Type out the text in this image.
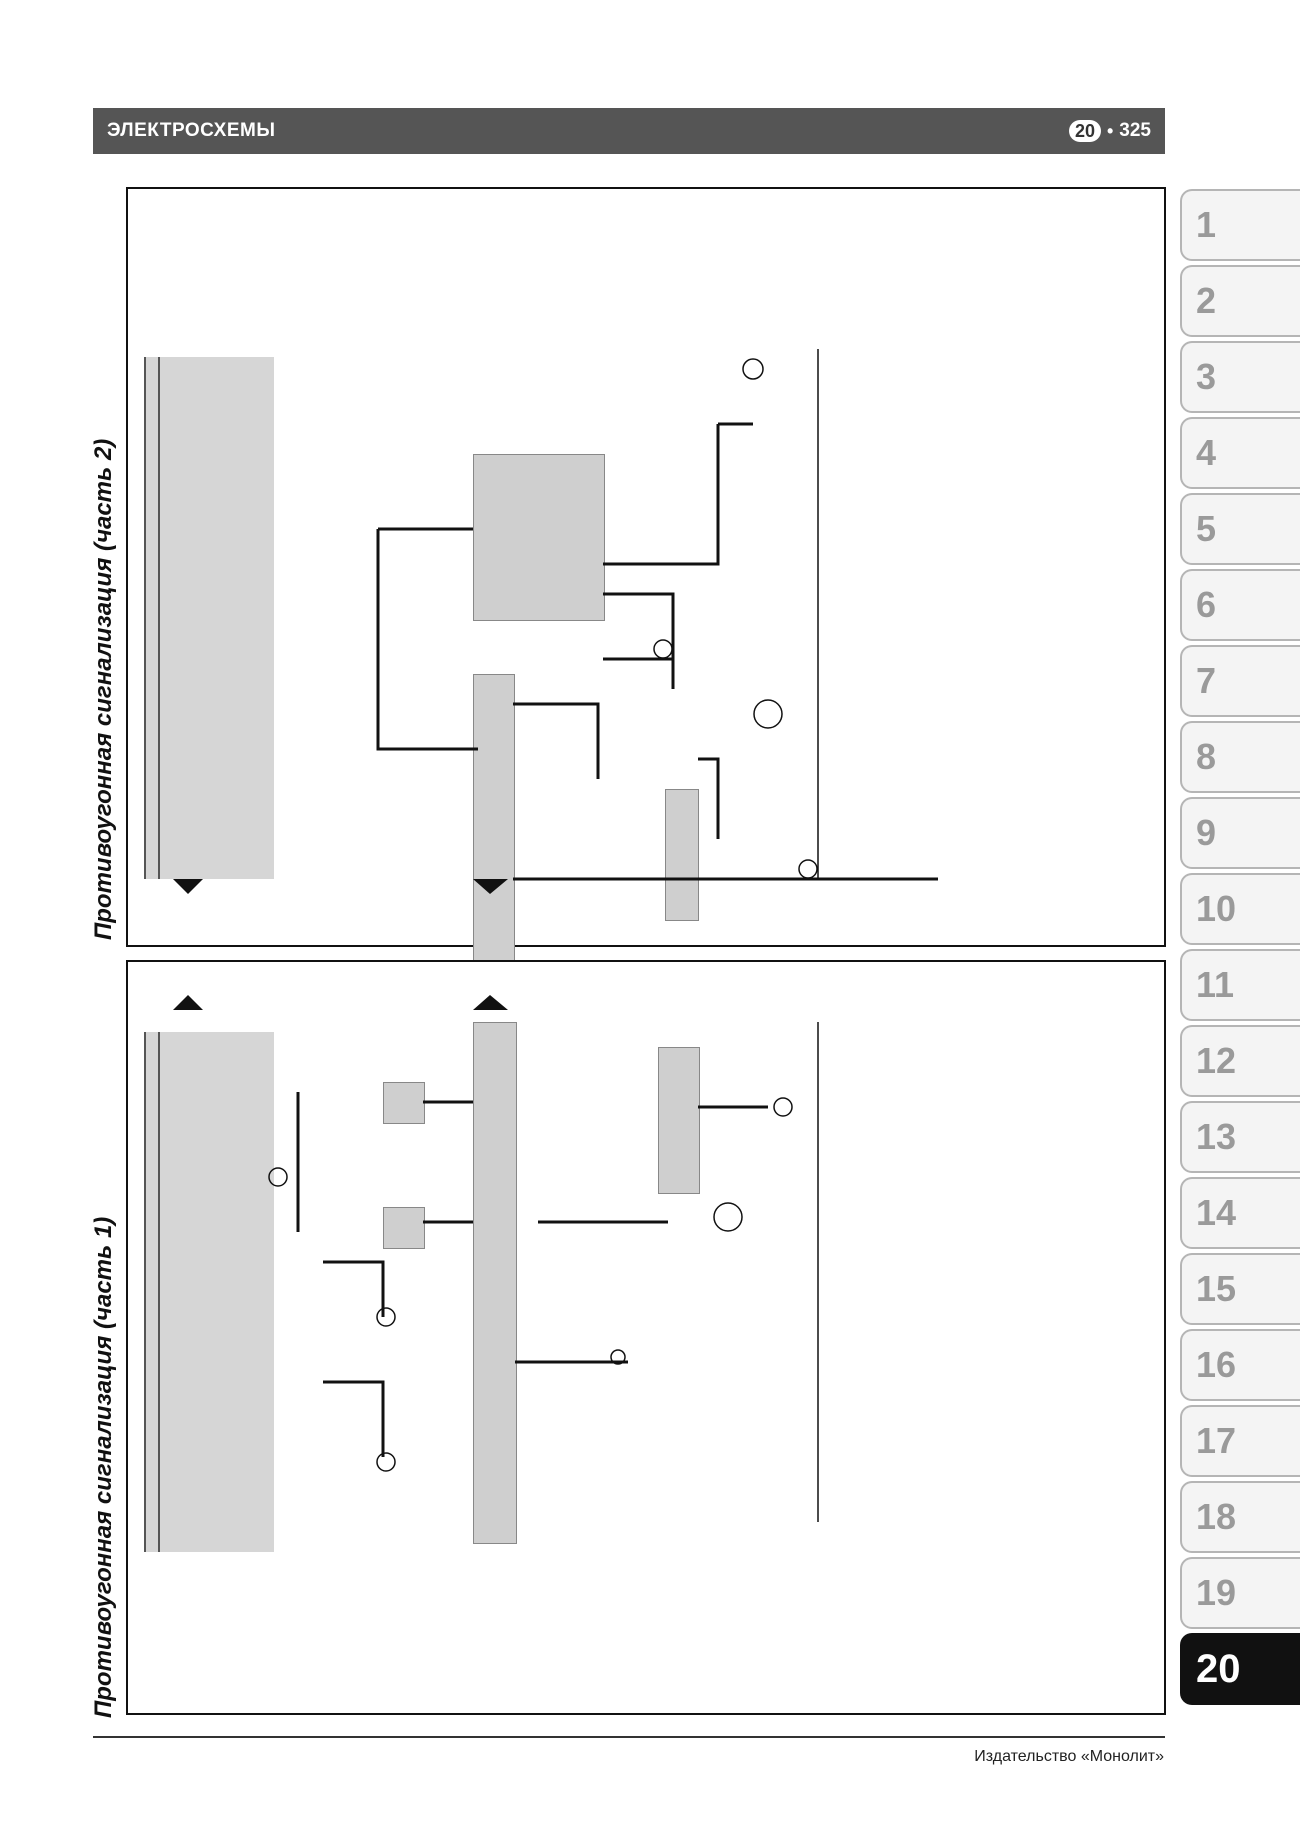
ЭЛЕКТРОСХЕМЫ	20 • 325
Противоугонная сигнализация (часть 2)
Противоугонная сигнализация (часть 1)
1
2
3
4
5
6
7
8
9
10
11
12
13
14
15
16
17
18
19
20
Издательство «Монолит»
